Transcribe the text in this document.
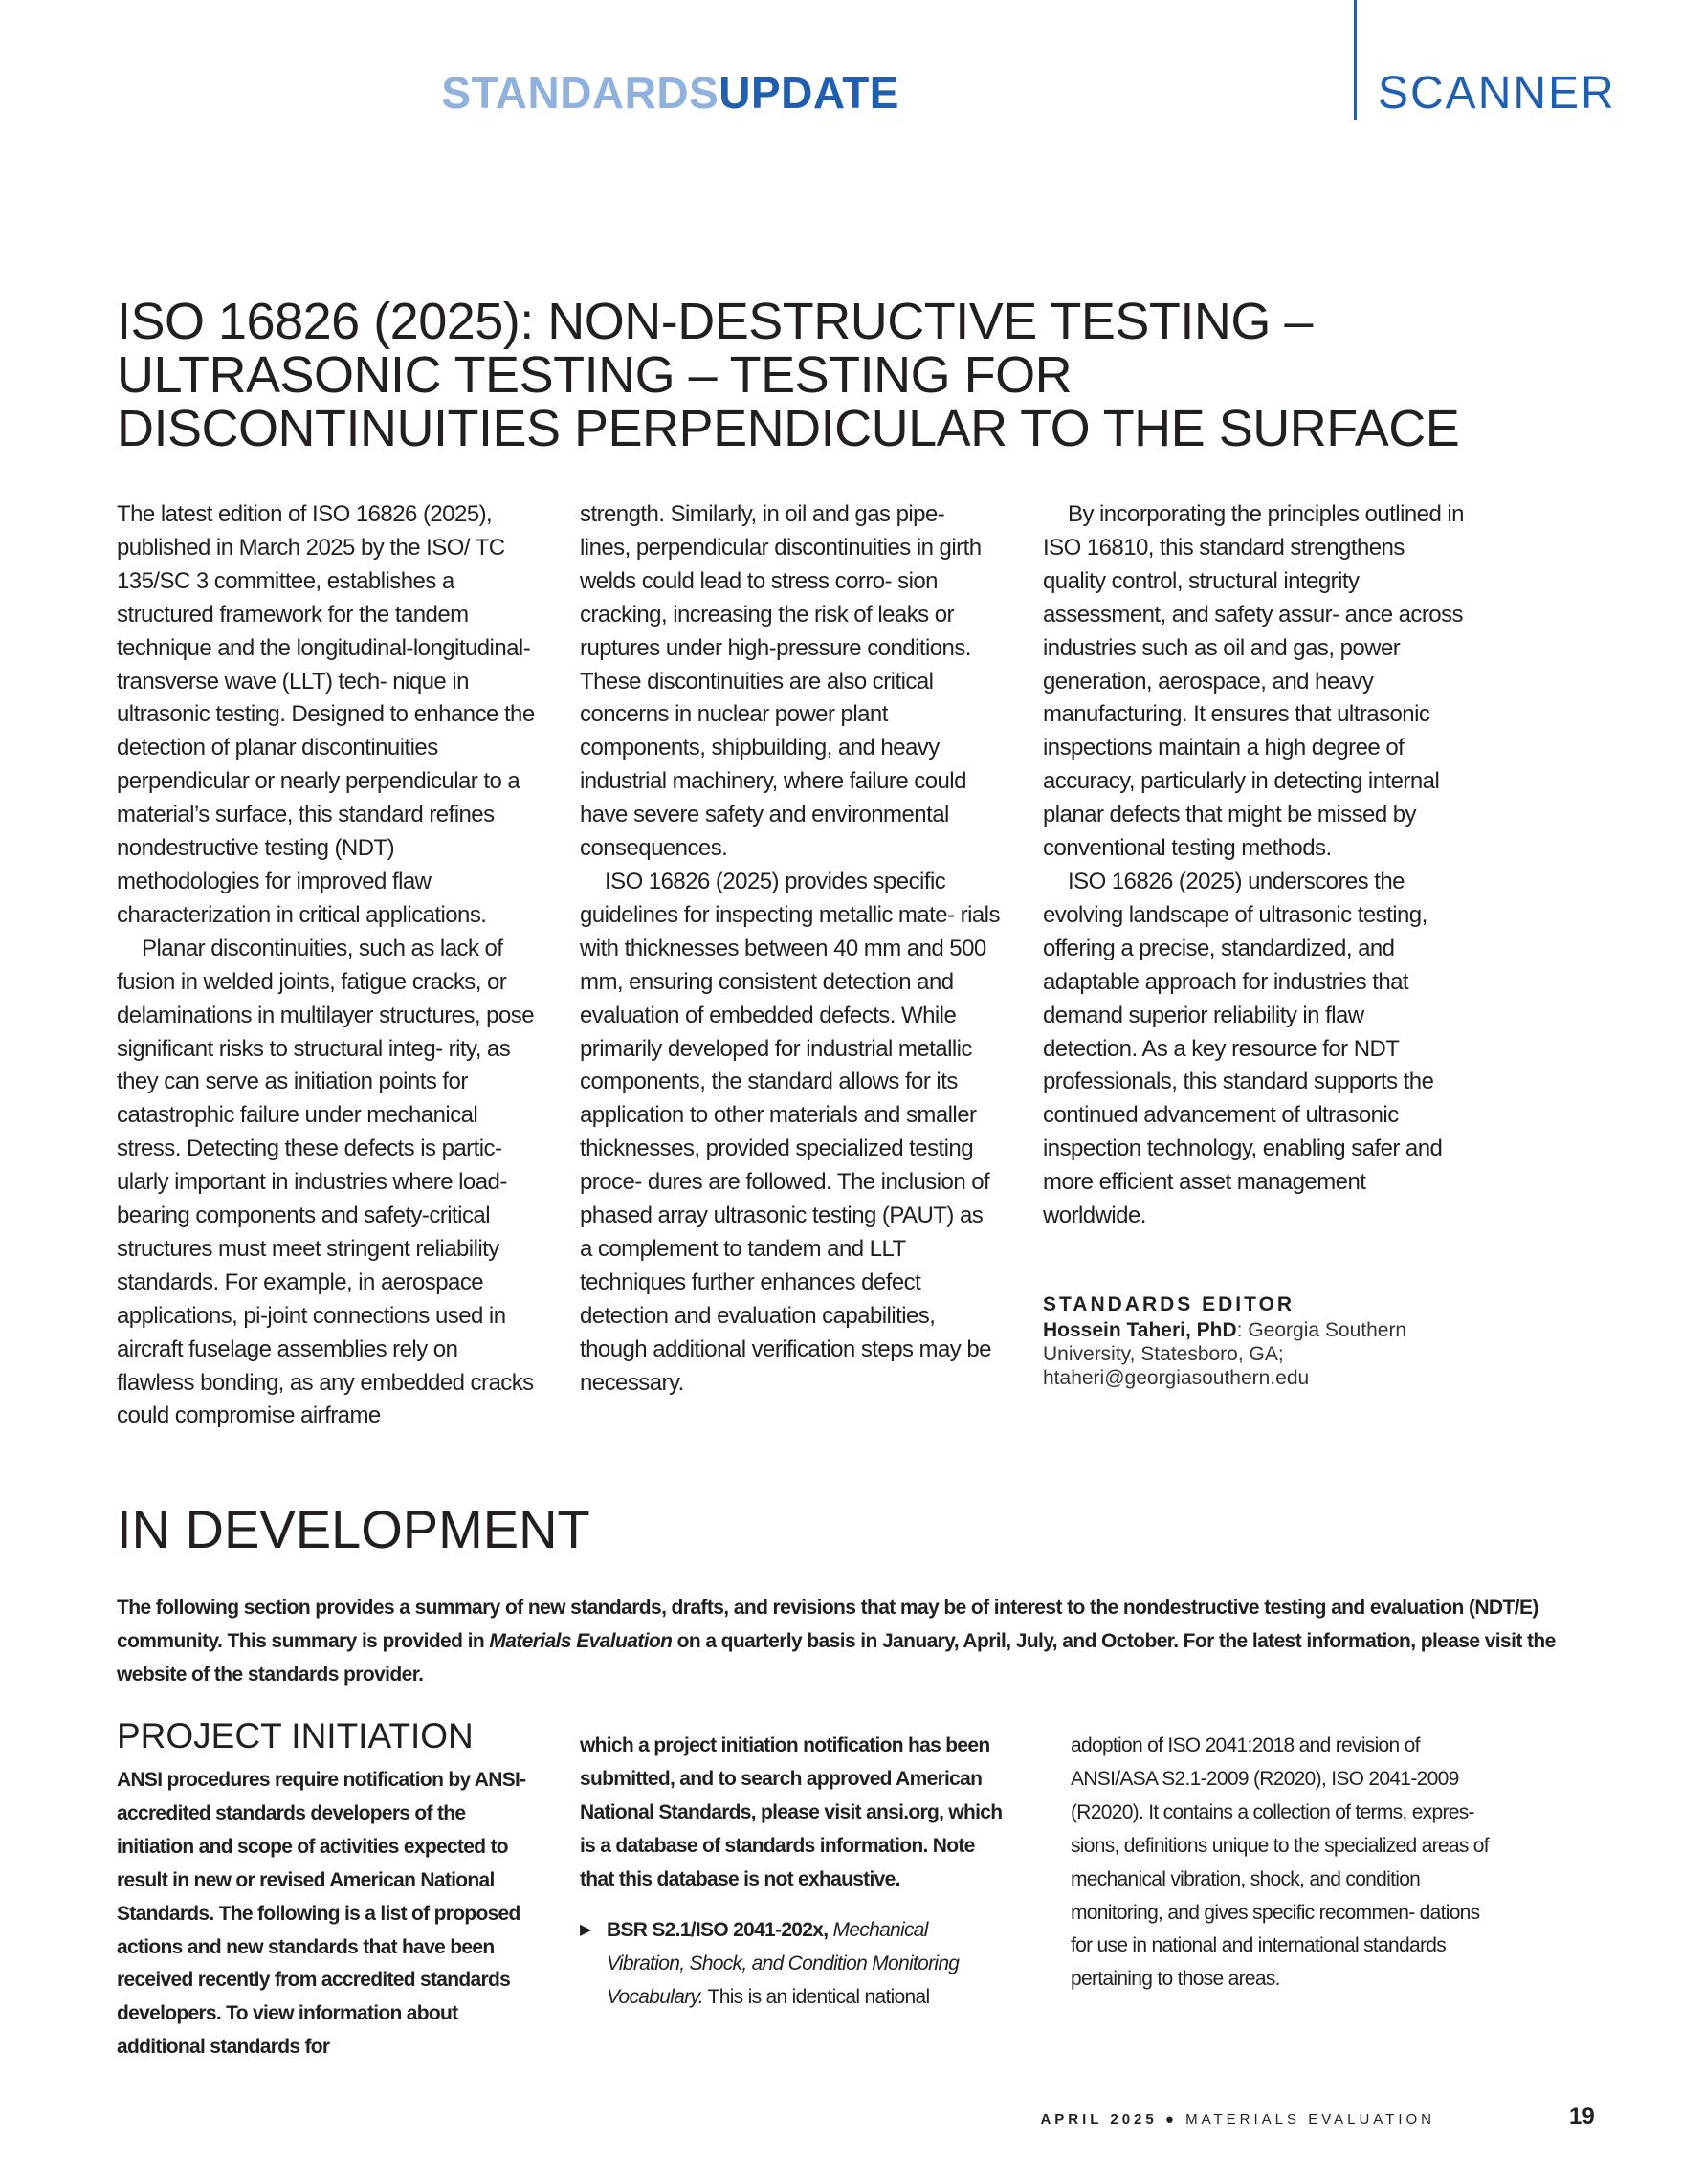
STANDARDSUPDATE	SCANNER
ISO 16826 (2025): NON-DESTRUCTIVE TESTING –
ULTRASONIC TESTING – TESTING FOR
DISCONTINUITIES PERPENDICULAR TO THE SURFACE

The latest edition of ISO 16826 (2025), published in March 2025 by the ISO/ TC 135/SC 3 committee, establishes a structured framework for the tandem technique and the longitudinal-longitudinal-transverse wave (LLT) tech- nique in ultrasonic testing. Designed to enhance the detection of planar discontinuities perpendicular or nearly perpendicular to a material’s surface, this standard refines nondestructive testing (NDT) methodologies for improved flaw characterization in critical applications.

Planar discontinuities, such as lack of fusion in welded joints, fatigue cracks, or delaminations in multilayer structures, pose significant risks to structural integ- rity, as they can serve as initiation points for catastrophic failure under mechanical stress. Detecting these defects is partic- ularly important in industries where load-bearing components and safety-critical structures must meet stringent reliability standards. For example, in aerospace applications, pi-joint connections used in aircraft fuselage assemblies rely on flawless bonding, as any embedded cracks could compromise airframe

strength. Similarly, in oil and gas pipe- lines, perpendicular discontinuities in girth welds could lead to stress corro- sion cracking, increasing the risk of leaks or ruptures under high-pressure conditions. These discontinuities are also critical concerns in nuclear power plant components, shipbuilding, and heavy industrial machinery, where failure could have severe safety and environmental consequences.

ISO 16826 (2025) provides specific guidelines for inspecting metallic mate- rials with thicknesses between 40 mm and 500 mm, ensuring consistent detection and evaluation of embedded defects. While primarily developed for industrial metallic components, the standard allows for its application to other materials and smaller thicknesses, provided specialized testing proce- dures are followed. The inclusion of phased array ultrasonic testing (PAUT) as a complement to tandem and LLT techniques further enhances defect detection and evaluation capabilities, though additional verification steps may be necessary.

By incorporating the principles outlined in ISO 16810, this standard strengthens quality control, structural integrity assessment, and safety assur- ance across industries such as oil and gas, power generation, aerospace, and heavy manufacturing. It ensures that ultrasonic inspections maintain a high degree of accuracy, particularly in detecting internal planar defects that might be missed by conventional testing methods.

ISO 16826 (2025) underscores the evolving landscape of ultrasonic testing, offering a precise, standardized, and adaptable approach for industries that demand superior reliability in flaw detection. As a key resource for NDT professionals, this standard supports the continued advancement of ultrasonic inspection technology, enabling safer and more efficient asset management worldwide.

STANDARDS EDITOR
Hossein Taheri, PhD: Georgia Southern University, Statesboro, GA;
htaheri@georgiasouthern.edu
IN DEVELOPMENT
The following section provides a summary of new standards, drafts, and revisions that may be of interest to the nondestructive testing and evaluation (NDT/E) community. This summary is provided in Materials Evaluation on a quarterly basis in January, April, July, and October. For the latest information, please visit the website of the standards provider.
PROJECT INITIATION

ANSI procedures require notification by ANSI-accredited standards developers of the initiation and scope of activities expected to result in new or revised American National Standards. The following is a list of proposed actions and new standards that have been received recently from accredited standards developers. To view information about additional standards for

which a project initiation notification has been submitted, and to search approved American National Standards, please visit ansi.org, which is a database of standards information. Note that this database is not exhaustive.

▶ BSR S2.1/ISO 2041-202x, Mechanical Vibration, Shock, and Condition Monitoring Vocabulary. This is an identical national

adoption of ISO 2041:2018 and revision of ANSI/ASA S2.1-2009 (R2020), ISO 2041-2009 (R2020). It contains a collection of terms, expres- sions, definitions unique to the specialized areas of mechanical vibration, shock, and condition monitoring, and gives specific recommen- dations for use in national and international standards pertaining to those areas.

APRIL 2025 ● MATERIALS EVALUATION	19
